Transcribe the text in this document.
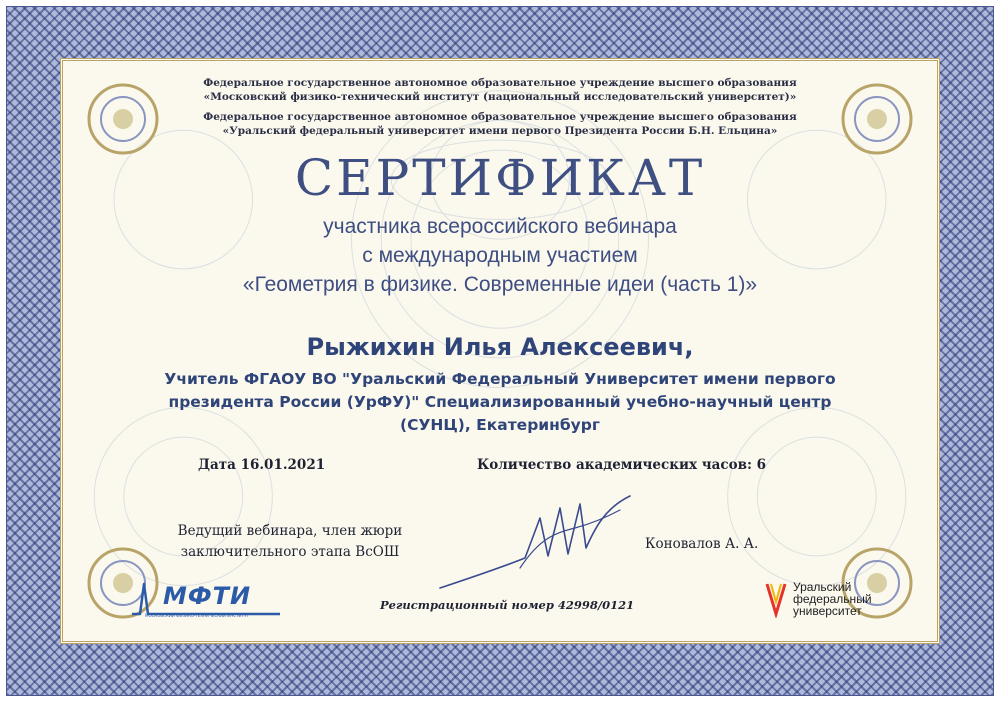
Федеральное государственное автономное образовательное учреждение высшего образования
«Московский физико-технический институт (национальный исследовательский университет)»
Федеральное государственное автономное образовательное учреждение высшего образования
«Уральский федеральный университет имени первого Президента России Б.Н. Ельцина»
СЕРТИФИКАТ
участника всероссийского вебинара
с международным участием
«Геометрия в физике. Современные идеи (часть 1)»
Рыжихин Илья Алексеевич,
Учитель ФГАОУ ВО "Уральский Федеральный Университет имени первого
президента России (УрФУ)" Специализированный учебно-научный центр
(СУНЦ), Екатеринбург
Дата 16.01.2021	Количество академических часов: 6
Ведущий вебинара, член жюри
заключительного этапа ВсОШ	Коновалов А. А.
Регистрационный номер 42998/0121
МФТИ
МОСКОВСКИЙ ФИЗИКО-ТЕХНИЧЕСКИЙ ИНСТИТУТ
Уральский
федеральный
университет
